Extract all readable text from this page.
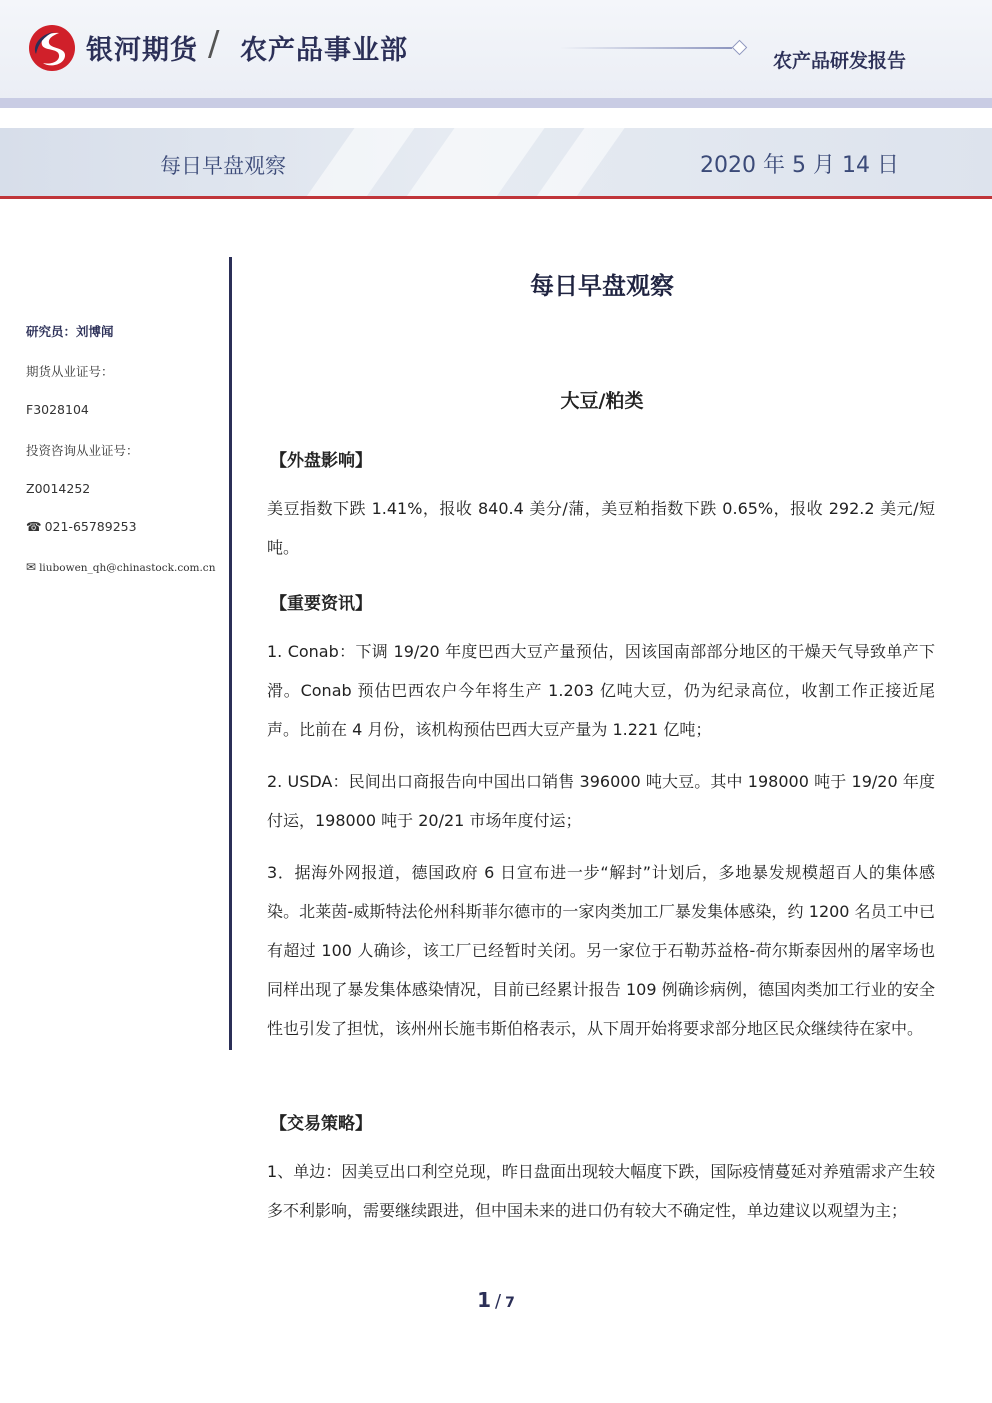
银河期货 / 农产品事业部	农产品研发报告
每日早盘观察	2020 年 5 月 14 日
研究员：刘博闻
期货从业证号：
F3028104
投资咨询从业证号：
Z0014252
☎ 021-65789253
✉ liubowen_qh@chinastock.com.cn
每日早盘观察
大豆/粕类
【外盘影响】
美豆指数下跌 1.41%，报收 840.4 美分/蒲，美豆粕指数下跌 0.65%，报收 292.2 美元/短吨。
【重要资讯】
1. Conab：下调 19/20 年度巴西大豆产量预估，因该国南部部分地区的干燥天气导致单产下滑。Conab 预估巴西农户今年将生产 1.203 亿吨大豆，仍为纪录高位，收割工作正接近尾声。比前在 4 月份，该机构预估巴西大豆产量为 1.221 亿吨；
2. USDA：民间出口商报告向中国出口销售 396000 吨大豆。其中 198000 吨于 19/20 年度付运，198000 吨于 20/21 市场年度付运；
3．据海外网报道，德国政府 6 日宣布进一步“解封”计划后，多地暴发规模超百人的集体感染。北莱茵-威斯特法伦州科斯菲尔德市的一家肉类加工厂暴发集体感染，约 1200 名员工中已有超过 100 人确诊，该工厂已经暂时关闭。另一家位于石勒苏益格-荷尔斯泰因州的屠宰场也同样出现了暴发集体感染情况，目前已经累计报告 109 例确诊病例，德国肉类加工行业的安全性也引发了担忧，该州州长施韦斯伯格表示，从下周开始将要求部分地区民众继续待在家中。
【交易策略】
1、单边：因美豆出口利空兑现，昨日盘面出现较大幅度下跌，国际疫情蔓延对养殖需求产生较多不利影响，需要继续跟进，但中国未来的进口仍有较大不确定性，单边建议以观望为主；
1 / 7
